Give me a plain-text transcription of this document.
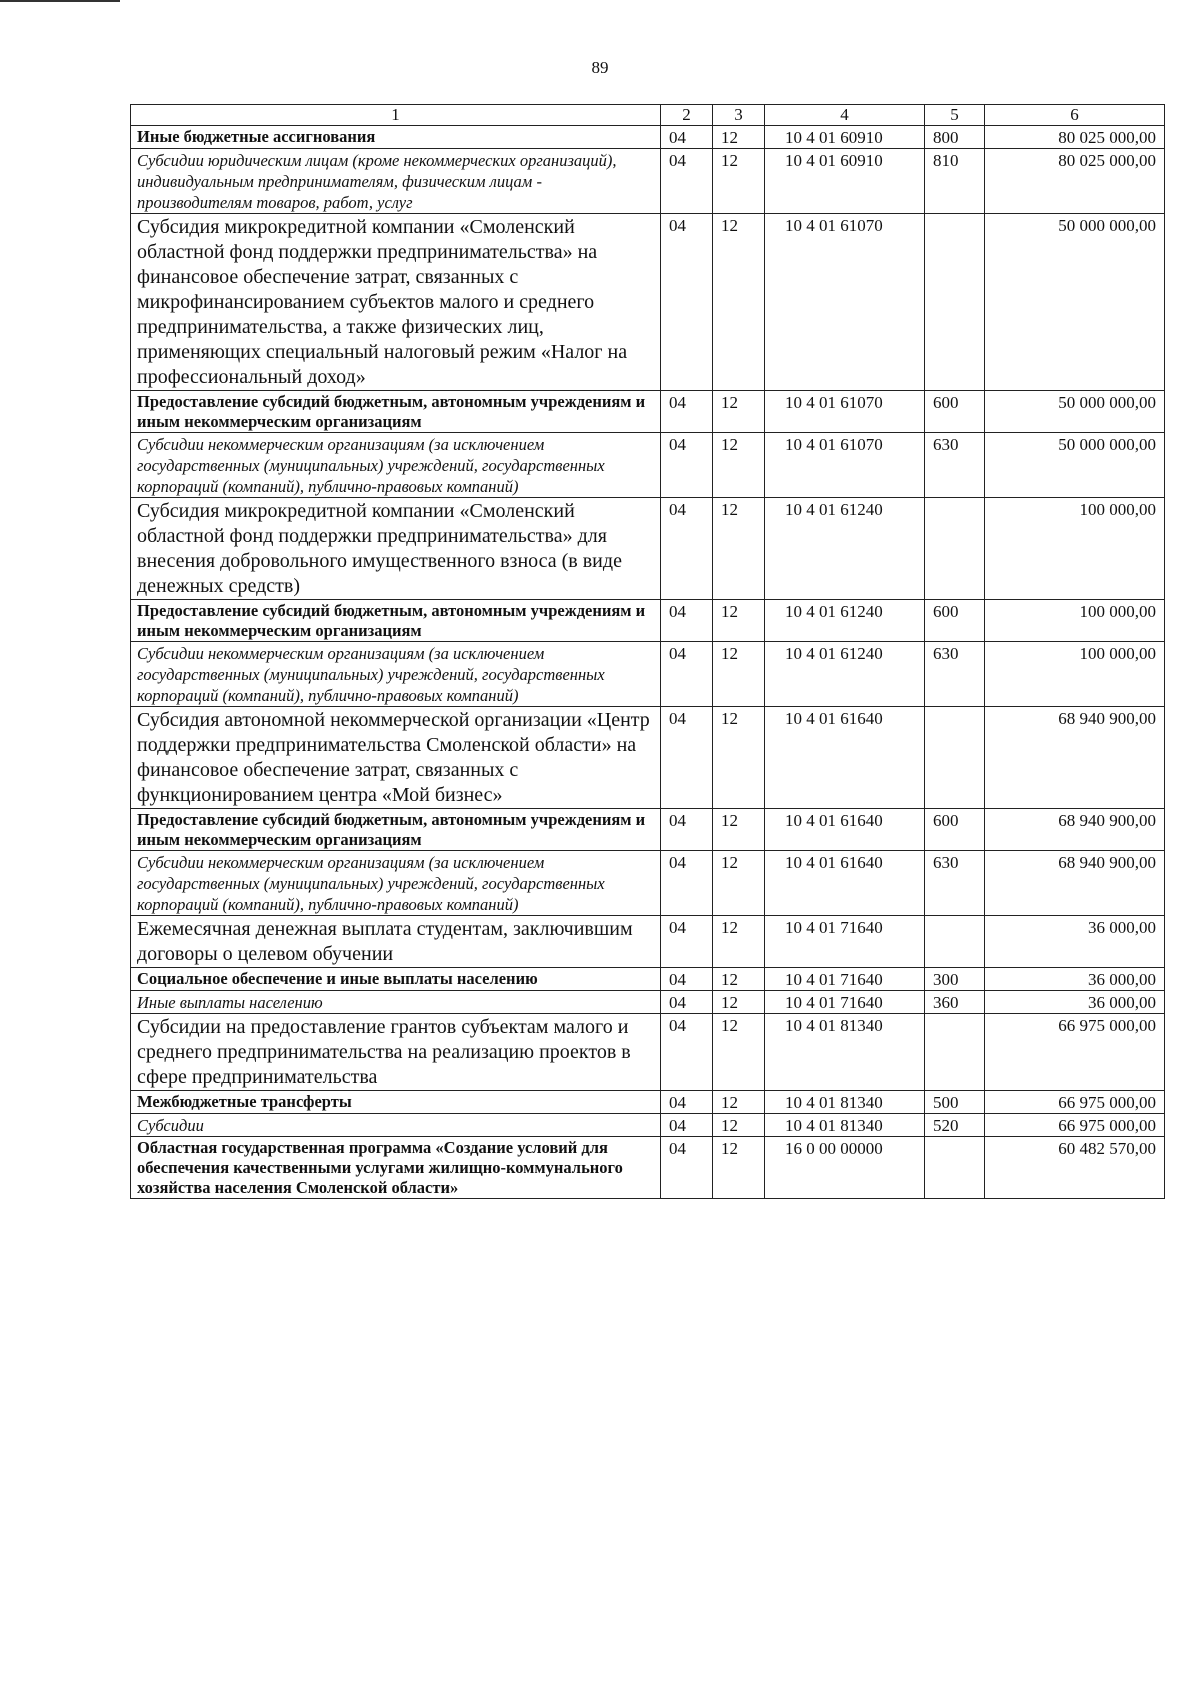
89
1	2	3	4	5	6
Иные бюджетные ассигнования	04	12	10 4 01 60910	800	80 025 000,00
Субсидии юридическим лицам (кроме некоммерческих организаций), индивидуальным предпринимателям, физическим лицам - производителям товаров, работ, услуг	04	12	10 4 01 60910	810	80 025 000,00
Субсидия микрокредитной компании «Смоленский областной фонд поддержки предпринимательства» на финансовое обеспечение затрат, связанных с микрофинансированием субъектов малого и среднего предпринимательства, а также физических лиц, применяющих специальный налоговый режим «Налог на профессиональный доход»	04	12	10 4 01 61070		50 000 000,00
Предоставление субсидий бюджетным, автономным учреждениям и иным некоммерческим организациям	04	12	10 4 01 61070	600	50 000 000,00
Субсидии некоммерческим организациям (за исключением государственных (муниципальных) учреждений, государственных корпораций (компаний), публично-правовых компаний)	04	12	10 4 01 61070	630	50 000 000,00
Субсидия микрокредитной компании «Смоленский областной фонд поддержки предпринимательства» для внесения добровольного имущественного взноса (в виде денежных средств)	04	12	10 4 01 61240		100 000,00
Предоставление субсидий бюджетным, автономным учреждениям и иным некоммерческим организациям	04	12	10 4 01 61240	600	100 000,00
Субсидии некоммерческим организациям (за исключением государственных (муниципальных) учреждений, государственных корпораций (компаний), публично-правовых компаний)	04	12	10 4 01 61240	630	100 000,00
Субсидия автономной некоммерческой организации «Центр поддержки предпринимательства Смоленской области» на финансовое обеспечение затрат, связанных с функционированием центра «Мой бизнес»	04	12	10 4 01 61640		68 940 900,00
Предоставление субсидий бюджетным, автономным учреждениям и иным некоммерческим организациям	04	12	10 4 01 61640	600	68 940 900,00
Субсидии некоммерческим организациям (за исключением государственных (муниципальных) учреждений, государственных корпораций (компаний), публично-правовых компаний)	04	12	10 4 01 61640	630	68 940 900,00
Ежемесячная денежная выплата студентам, заключившим договоры о целевом обучении	04	12	10 4 01 71640		36 000,00
Социальное обеспечение и иные выплаты населению	04	12	10 4 01 71640	300	36 000,00
Иные выплаты населению	04	12	10 4 01 71640	360	36 000,00
Субсидии на предоставление грантов субъектам малого и среднего предпринимательства на реализацию проектов в сфере предпринимательства	04	12	10 4 01 81340		66 975 000,00
Межбюджетные трансферты	04	12	10 4 01 81340	500	66 975 000,00
Субсидии	04	12	10 4 01 81340	520	66 975 000,00
Областная государственная программа «Создание условий для обеспечения качественными услугами жилищно-коммунального хозяйства населения Смоленской области»	04	12	16 0 00 00000		60 482 570,00
